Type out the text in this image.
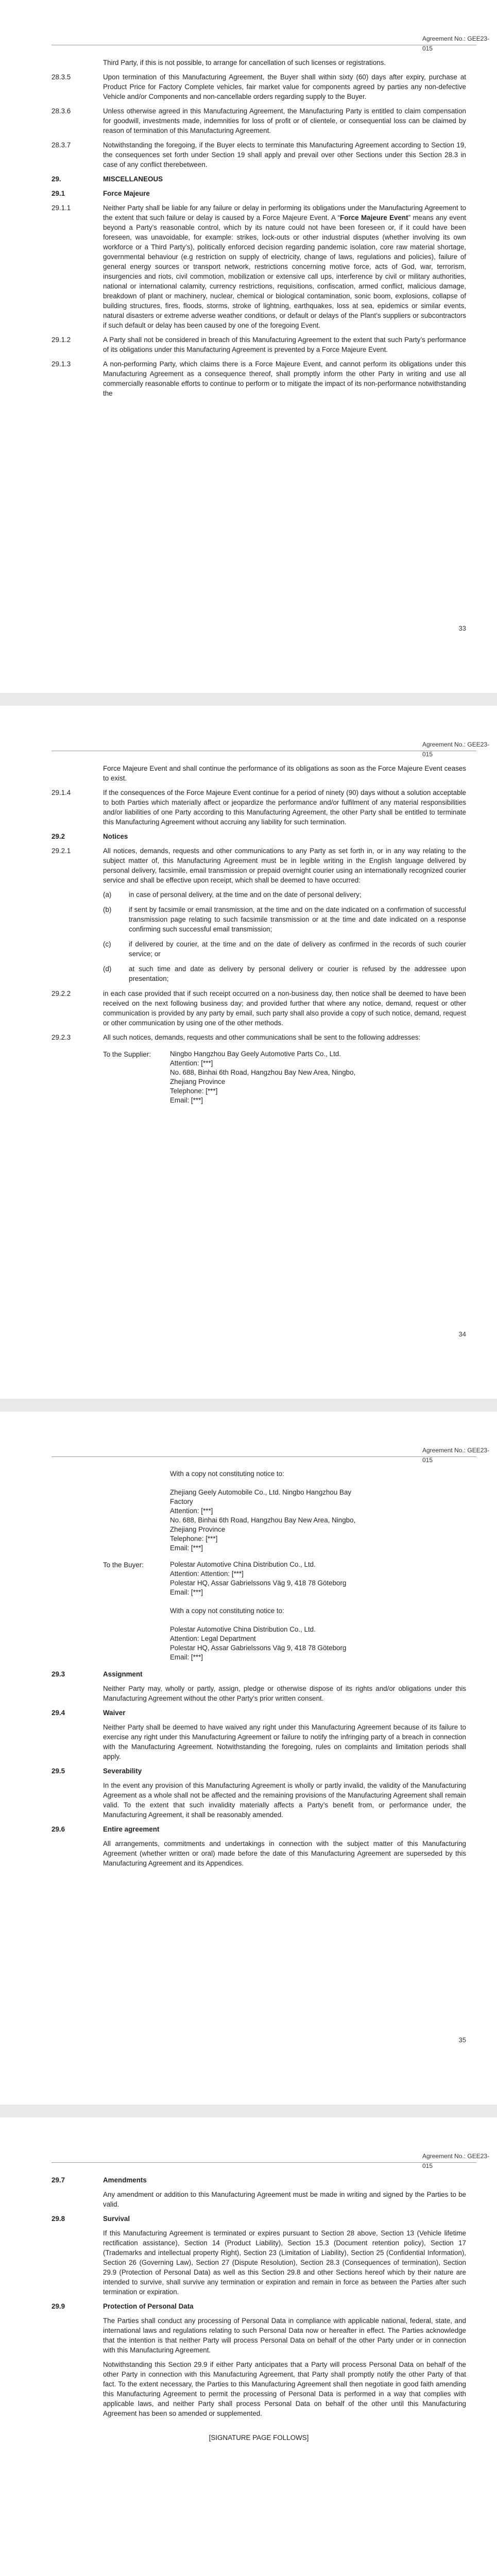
Agreement No.: GEE23-015
Third Party, if this is not possible, to arrange for cancellation of such licenses or registrations.
28.3.5	Upon termination of this Manufacturing Agreement, the Buyer shall within sixty (60) days after expiry, purchase at Product Price for Factory Complete vehicles, fair market value for components agreed by parties any non-defective Vehicle and/or Components and non-cancellable orders regarding supply to the Buyer.
28.3.6	Unless otherwise agreed in this Manufacturing Agreement, the Manufacturing Party is entitled to claim compensation for goodwill, investments made, indemnities for loss of profit or of clientele, or consequential loss can be claimed by reason of termination of this Manufacturing Agreement.
28.3.7	Notwithstanding the foregoing, if the Buyer elects to terminate this Manufacturing Agreement according to Section 19, the consequences set forth under Section 19 shall apply and prevail over other Sections under this Section 28.3 in case of any conflict therebetween.
29.	MISCELLANEOUS
29.1	Force Majeure
29.1.1	Neither Party shall be liable for any failure or delay in performing its obligations under the Manufacturing Agreement to the extent that such failure or delay is caused by a Force Majeure Event. A “Force Majeure Event” means any event beyond a Party’s reasonable control, which by its nature could not have been foreseen or, if it could have been foreseen, was unavoidable, for example: strikes, lock-outs or other industrial disputes (whether involving its own workforce or a Third Party’s), politically enforced decision regarding pandemic isolation, core raw material shortage, governmental behaviour (e.g restriction on supply of electricity, change of laws, regulations and policies), failure of general energy sources or transport network, restrictions concerning motive force, acts of God, war, terrorism, insurgencies and riots, civil commotion, mobilization or extensive call ups, interference by civil or military authorities, national or international calamity, currency restrictions, requisitions, confiscation, armed conflict, malicious damage, breakdown of plant or machinery, nuclear, chemical or biological contamination, sonic boom, explosions, collapse of building structures, fires, floods, storms, stroke of lightning, earthquakes, loss at sea, epidemics or similar events, natural disasters or extreme adverse weather conditions, or default or delays of the Plant’s suppliers or subcontractors if such default or delay has been caused by one of the foregoing Event.
29.1.2	A Party shall not be considered in breach of this Manufacturing Agreement to the extent that such Party’s performance of its obligations under this Manufacturing Agreement is prevented by a Force Majeure Event.
29.1.3	A non-performing Party, which claims there is a Force Majeure Event, and cannot perform its obligations under this Manufacturing Agreement as a consequence thereof, shall promptly inform the other Party in writing and use all commercially reasonable efforts to continue to perform or to mitigate the impact of its non-performance notwithstanding the
33
Agreement No.: GEE23-015
Force Majeure Event and shall continue the performance of its obligations as soon as the Force Majeure Event ceases to exist.
29.1.4	If the consequences of the Force Majeure Event continue for a period of ninety (90) days without a solution acceptable to both Parties which materially affect or jeopardize the performance and/or fulfilment of any material responsibilities and/or liabilities of one Party according to this Manufacturing Agreement, the other Party shall be entitled to terminate this Manufacturing Agreement without accruing any liability for such termination.
29.2	Notices
29.2.1	All notices, demands, requests and other communications to any Party as set forth in, or in any way relating to the subject matter of, this Manufacturing Agreement must be in legible writing in the English language delivered by personal delivery, facsimile, email transmission or prepaid overnight courier using an internationally recognized courier service and shall be effective upon receipt, which shall be deemed to have occurred:
(a)	in case of personal delivery, at the time and on the date of personal delivery;
(b)	if sent by facsimile or email transmission, at the time and on the date indicated on a confirmation of successful transmission page relating to such facsimile transmission or at the time and date indicated on a response confirming such successful email transmission;
(c)	if delivered by courier, at the time and on the date of delivery as confirmed in the records of such courier service; or
(d)	at such time and date as delivery by personal delivery or courier is refused by the addressee upon presentation;
29.2.2	in each case provided that if such receipt occurred on a non-business day, then notice shall be deemed to have been received on the next following business day; and provided further that where any notice, demand, request or other communication is provided by any party by email, such party shall also provide a copy of such notice, demand, request or other communication by using one of the other methods.
29.2.3	All such notices, demands, requests and other communications shall be sent to the following addresses:
To the Supplier:	Ningbo Hangzhou Bay Geely Automotive Parts Co., Ltd.
Attention: [***]
No. 688, Binhai 6th Road, Hangzhou Bay New Area, Ningbo,
Zhejiang Province
Telephone: [***]
Email: [***]
34
Agreement No.: GEE23-015
With a copy not constituting notice to:

Zhejiang Geely Automobile Co., Ltd. Ningbo Hangzhou Bay
Factory
Attention: [***]
No. 688, Binhai 6th Road, Hangzhou Bay New Area, Ningbo,
Zhejiang Province
Telephone: [***]
Email: [***]
To the Buyer:	Polestar Automotive China Distribution Co., Ltd.
Attention: Attention: [***]
Polestar HQ, Assar Gabrielssons Väg 9, 418 78 Göteborg
Email: [***]

With a copy not constituting notice to:

Polestar Automotive China Distribution Co., Ltd.
Attention: Legal Department
Polestar HQ, Assar Gabrielssons Väg 9, 418 78 Göteborg
Email: [***]
29.3	Assignment
Neither Party may, wholly or partly, assign, pledge or otherwise dispose of its rights and/or obligations under this Manufacturing Agreement without the other Party’s prior written consent.
29.4	Waiver
Neither Party shall be deemed to have waived any right under this Manufacturing Agreement because of its failure to exercise any right under this Manufacturing Agreement or failure to notify the infringing party of a breach in connection with the Manufacturing Agreement. Notwithstanding the foregoing, rules on complaints and limitation periods shall apply.
29.5	Severability
In the event any provision of this Manufacturing Agreement is wholly or partly invalid, the validity of the Manufacturing Agreement as a whole shall not be affected and the remaining provisions of the Manufacturing Agreement shall remain valid. To the extent that such invalidity materially affects a Party’s benefit from, or performance under, the Manufacturing Agreement, it shall be reasonably amended.
29.6	Entire agreement
All arrangements, commitments and undertakings in connection with the subject matter of this Manufacturing Agreement (whether written or oral) made before the date of this Manufacturing Agreement are superseded by this Manufacturing Agreement and its Appendices.
35
Agreement No.: GEE23-015
29.7	Amendments
Any amendment or addition to this Manufacturing Agreement must be made in writing and signed by the Parties to be valid.
29.8	Survival
If this Manufacturing Agreement is terminated or expires pursuant to Section 28 above, Section 13 (Vehicle lifetime rectification assistance), Section 14 (Product Liability), Section 15.3 (Document retention policy), Section 17 (Trademarks and intellectual property Right), Section 23 (Limitation of Liability), Section 25 (Confidential Information), Section 26 (Governing Law), Section 27 (Dispute Resolution), Section 28.3 (Consequences of termination), Section 29.9 (Protection of Personal Data) as well as this Section 29.8 and other Sections hereof which by their nature are intended to survive, shall survive any termination or expiration and remain in force as between the Parties after such termination or expiration.
29.9	Protection of Personal Data
The Parties shall conduct any processing of Personal Data in compliance with applicable national, federal, state, and international laws and regulations relating to such Personal Data now or hereafter in effect. The Parties acknowledge that the intention is that neither Party will process Personal Data on behalf of the other Party under or in connection with this Manufacturing Agreement.
Notwithstanding this Section 29.9 if either Party anticipates that a Party will process Personal Data on behalf of the other Party in connection with this Manufacturing Agreement, that Party shall promptly notify the other Party of that fact. To the extent necessary, the Parties to this Manufacturing Agreement shall then negotiate in good faith amending this Manufacturing Agreement to permit the processing of Personal Data is performed in a way that complies with applicable laws, and neither Party shall process Personal Data on behalf of the other until this Manufacturing Agreement has been so amended or supplemented.
[SIGNATURE PAGE FOLLOWS]
